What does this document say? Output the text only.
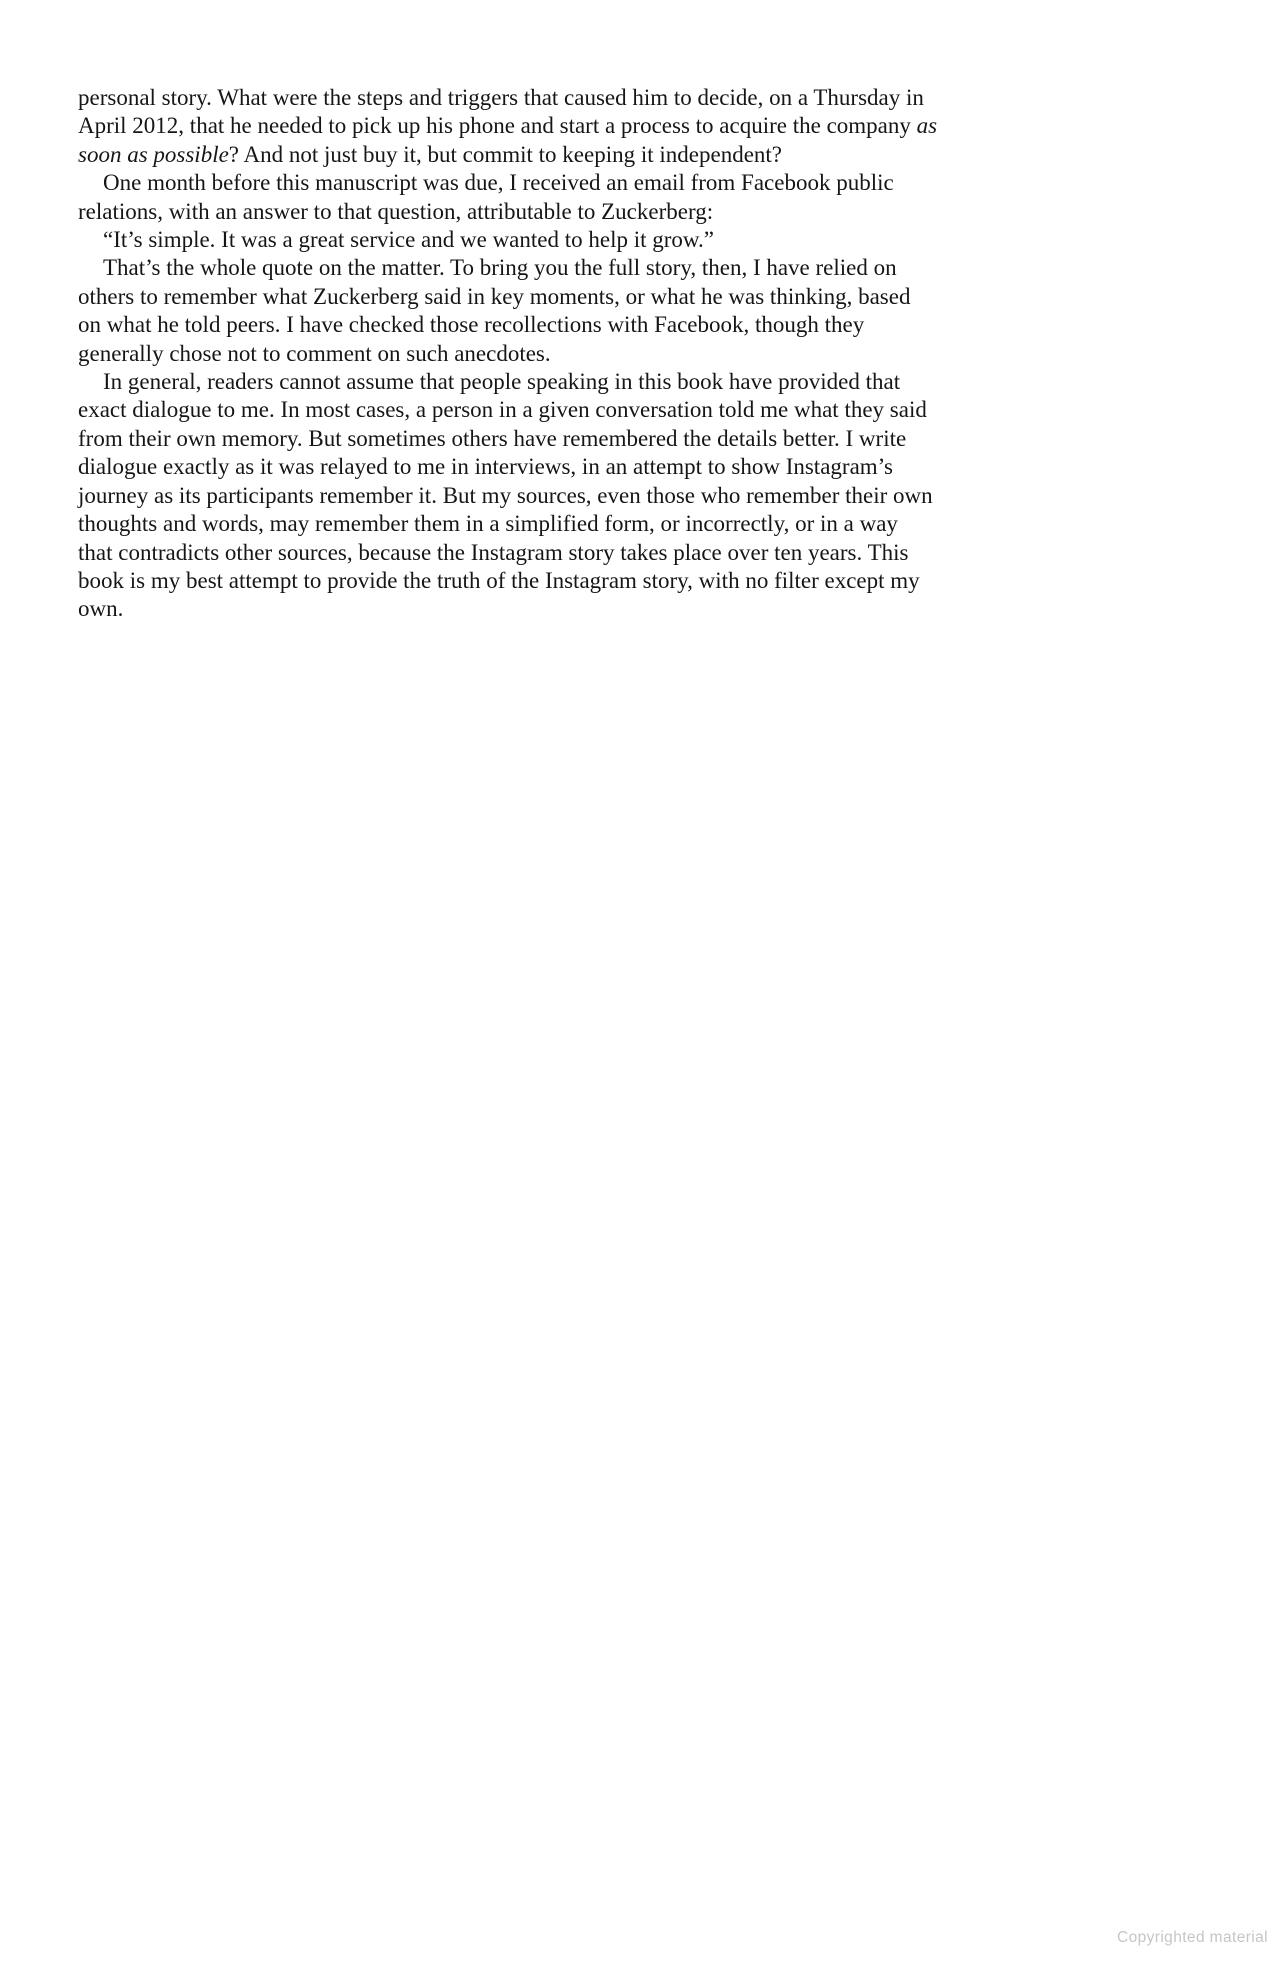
personal story. What were the steps and triggers that caused him to decide, on a Thursday in April 2012, that he needed to pick up his phone and start a process to acquire the company as soon as possible? And not just buy it, but commit to keeping it independent?

One month before this manuscript was due, I received an email from Facebook public relations, with an answer to that question, attributable to Zuckerberg:

“It’s simple. It was a great service and we wanted to help it grow.”

That’s the whole quote on the matter. To bring you the full story, then, I have relied on others to remember what Zuckerberg said in key moments, or what he was thinking, based on what he told peers. I have checked those recollections with Facebook, though they generally chose not to comment on such anecdotes.

In general, readers cannot assume that people speaking in this book have provided that exact dialogue to me. In most cases, a person in a given conversation told me what they said from their own memory. But sometimes others have remembered the details better. I write dialogue exactly as it was relayed to me in interviews, in an attempt to show Instagram’s journey as its participants remember it. But my sources, even those who remember their own thoughts and words, may remember them in a simplified form, or incorrectly, or in a way that contradicts other sources, because the Instagram story takes place over ten years. This book is my best attempt to provide the truth of the Instagram story, with no filter except my own.

Copyrighted material
